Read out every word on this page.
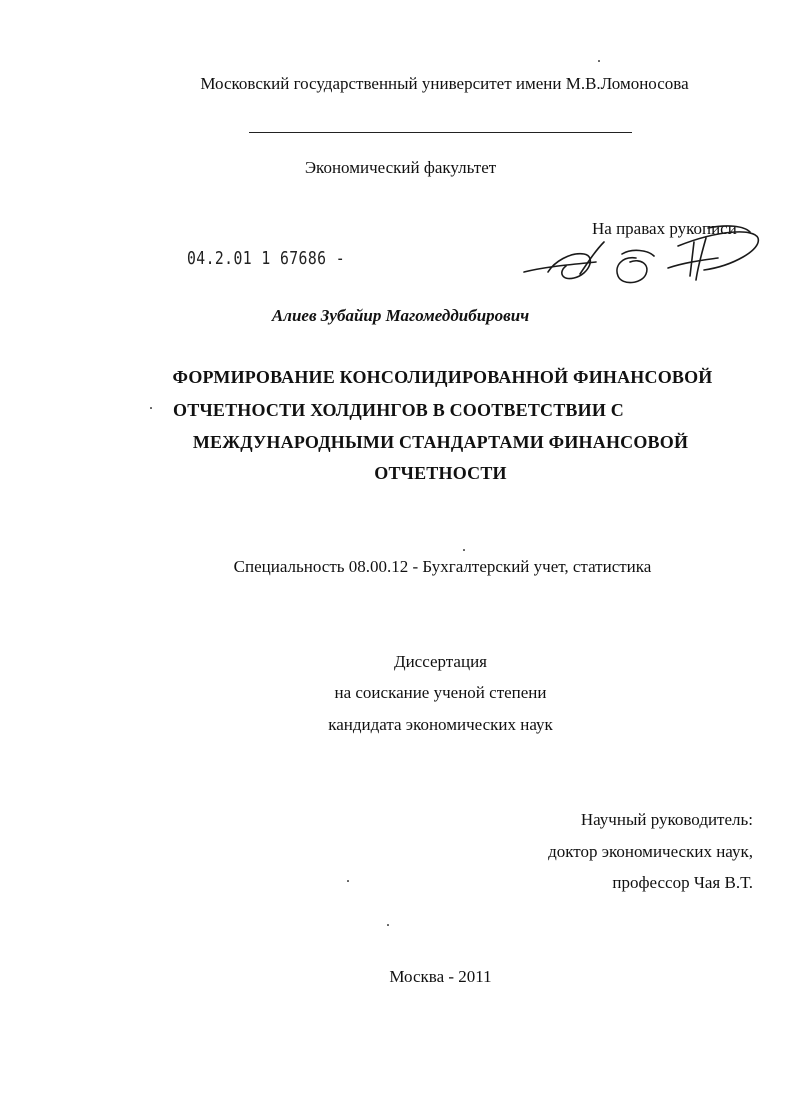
Московский государственный университет имени М.В.Ломоносова
Экономический факультет
На правах рукописи
04.2.01 1 67686 -
Алиев Зубайир Магомеддибирович
ФОРМИРОВАНИЕ КОНСОЛИДИРОВАННОЙ ФИНАНСОВОЙ
ОТЧЕТНОСТИ ХОЛДИНГОВ В СООТВЕТСТВИИ С
МЕЖДУНАРОДНЫМИ СТАНДАРТАМИ ФИНАНСОВОЙ
ОТЧЕТНОСТИ
Специальность 08.00.12 - Бухгалтерский учет, статистика
Диссертация
на соискание ученой степени
кандидата экономических наук
Научный руководитель:
доктор экономических наук,
профессор Чая В.Т.
Москва - 2011
